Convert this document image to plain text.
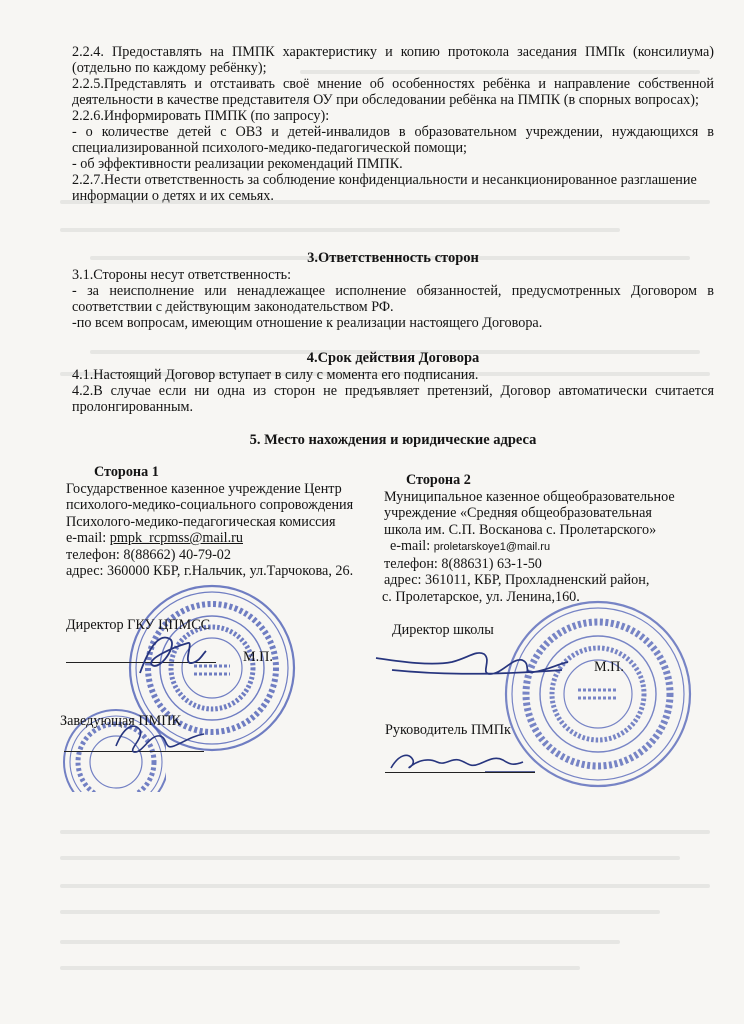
2.2.4. Предоставлять на ПМПК характеристику и копию протокола заседания ПМПк (консилиума) (отдельно по каждому ребёнку);

2.2.5.Представлять и отстаивать своё мнение об особенностях ребёнка и направление собственной деятельности в качестве представителя ОУ при обследовании ребёнка на ПМПК (в спорных вопросах);

2.2.6.Информировать ПМПК (по запросу):

- о количестве детей с ОВЗ и детей-инвалидов в образовательном учреждении, нуждающихся в специализированной психолого-медико-педагогической помощи;

- об эффективности реализации рекомендаций ПМПК.

2.2.7.Нести ответственность за соблюдение конфиденциальности и несанкционированное разглашение информации о детях и их семьях.

3.Ответственность сторон

3.1.Стороны несут ответственность:

- за неисполнение или ненадлежащее исполнение обязанностей, предусмотренных Договором в соответствии с действующим законодательством РФ.

-по всем вопросам, имеющим отношение к реализации настоящего Договора.

4.Срок действия Договора

4.1.Настоящий Договор вступает в силу с момента его подписания.

4.2.В случае если ни одна из сторон не предъявляет претензий, Договор автоматически считается пролонгированным.

5. Место нахождения и юридические адреса

Сторона 1
Государственное казенное учреждение Центр
психолого-медико-социального сопровождения
Психолого-медико-педагогическая комиссия
e-mail: pmpk_rcpmss@mail.ru
телефон: 8(88662) 40-79-02
адрес: 360000 КБР, г.Нальчик, ул.Тарчокова, 26.
Сторона 2
Муниципальное казенное общеобразовательное
учреждение «Средняя общеобразовательная
школа им. С.П. Восканова с. Пролетарского»
e-mail: proletarskoye1@mail.ru
телефон: 8(88631) 63-1-50
адрес: 361011, КБР, Прохладненский район,
с. Пролетарское, ул. Ленина,160.
Директор ГКУ ЦПМСС
М.П.
Заведующая ПМПК
Директор школы
М.П.
Руководитель ПМПк
